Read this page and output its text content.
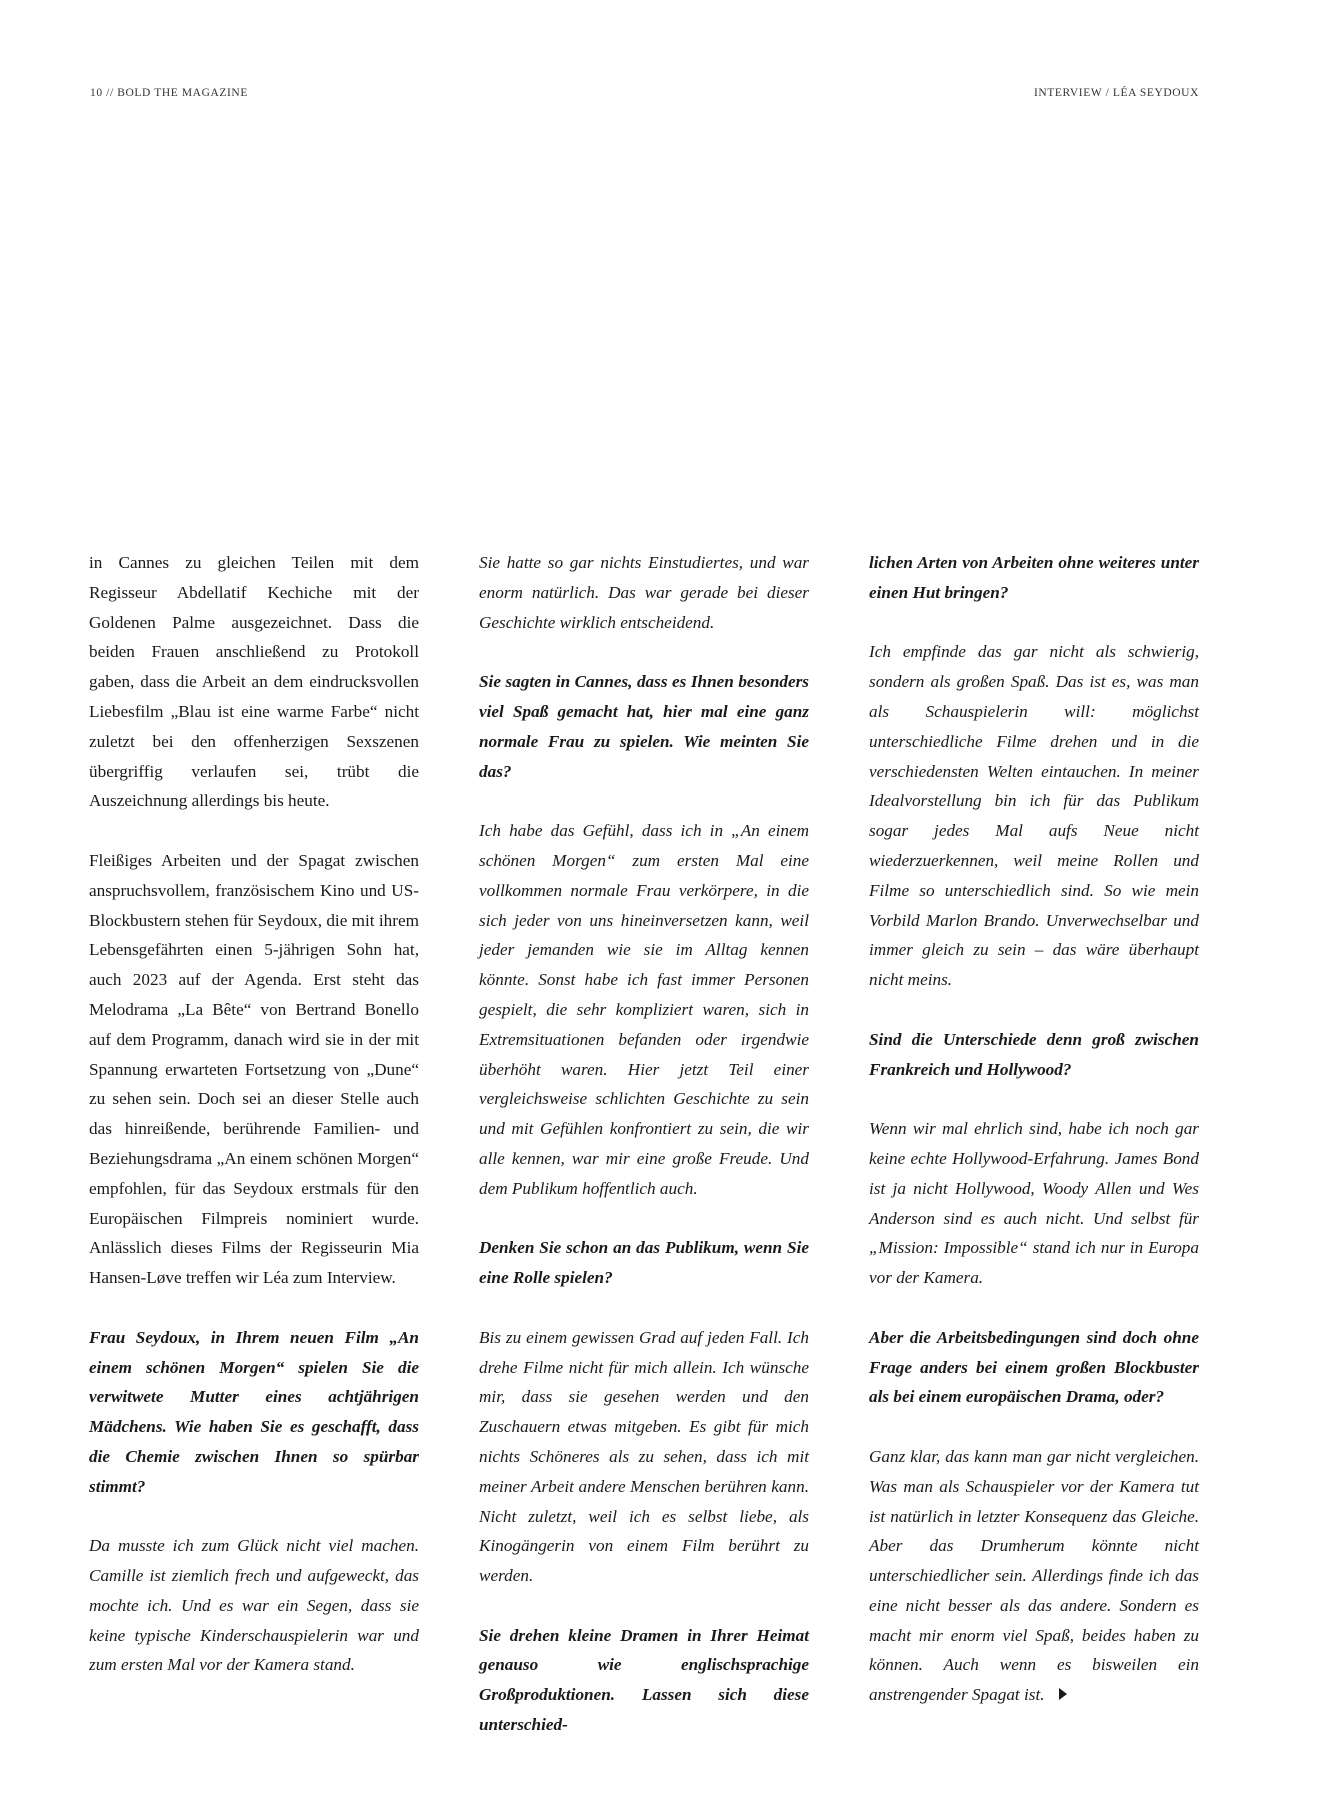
10 // BOLD THE MAGAZINE	INTERVIEW / LÉA SEYDOUX

in Cannes zu gleichen Teilen mit dem Regisseur Abdellatif Kechiche mit der Goldenen Palme ausgezeichnet. Dass die beiden Frauen anschließend zu Protokoll gaben, dass die Arbeit an dem eindrucksvollen Liebesfilm „Blau ist eine warme Farbe“ nicht zuletzt bei den offenherzigen Sexszenen übergriffig verlaufen sei, trübt die Auszeichnung allerdings bis heute.

Fleißiges Arbeiten und der Spagat zwischen anspruchsvollem, französischem Kino und US-Blockbustern stehen für Seydoux, die mit ihrem Lebensgefährten einen 5-jährigen Sohn hat, auch 2023 auf der Agenda. Erst steht das Melodrama „La Bête“ von Bertrand Bonello auf dem Programm, danach wird sie in der mit Spannung erwarteten Fortsetzung von „Dune“ zu sehen sein. Doch sei an dieser Stelle auch das hinreißende, berührende Familien- und Beziehungsdrama „An einem schönen Morgen“ empfohlen, für das Seydoux erstmals für den Europäischen Filmpreis nominiert wurde. Anlässlich dieses Films der Regisseurin Mia Hansen-Løve treffen wir Léa zum Interview.

Frau Seydoux, in Ihrem neuen Film „An einem schönen Morgen“ spielen Sie die verwitwete Mutter eines achtjährigen Mädchens. Wie haben Sie es geschafft, dass die Chemie zwischen Ihnen so spürbar stimmt?

Da musste ich zum Glück nicht viel machen. Camille ist ziemlich frech und aufgeweckt, das mochte ich. Und es war ein Segen, dass sie keine typische Kinderschauspielerin war und zum ersten Mal vor der Kamera stand.

Sie hatte so gar nichts Einstudiertes, und war enorm natürlich. Das war gerade bei dieser Geschichte wirklich entscheidend.

Sie sagten in Cannes, dass es Ihnen besonders viel Spaß gemacht hat, hier mal eine ganz normale Frau zu spielen. Wie meinten Sie das?

Ich habe das Gefühl, dass ich in „An einem schönen Morgen“ zum ersten Mal eine vollkommen normale Frau verkörpere, in die sich jeder von uns hineinversetzen kann, weil jeder jemanden wie sie im Alltag kennen könnte. Sonst habe ich fast immer Personen gespielt, die sehr kompliziert waren, sich in Extremsituationen befanden oder irgendwie überhöht waren. Hier jetzt Teil einer vergleichsweise schlichten Geschichte zu sein und mit Gefühlen konfrontiert zu sein, die wir alle kennen, war mir eine große Freude. Und dem Publikum hoffentlich auch.

Denken Sie schon an das Publikum, wenn Sie eine Rolle spielen?

Bis zu einem gewissen Grad auf jeden Fall. Ich drehe Filme nicht für mich allein. Ich wünsche mir, dass sie gesehen werden und den Zuschauern etwas mitgeben. Es gibt für mich nichts Schöneres als zu sehen, dass ich mit meiner Arbeit andere Menschen berühren kann. Nicht zuletzt, weil ich es selbst liebe, als Kinogängerin von einem Film berührt zu werden.

Sie drehen kleine Dramen in Ihrer Heimat genauso wie englischsprachige Großproduktionen. Lassen sich diese unterschied-

lichen Arten von Arbeiten ohne weiteres unter einen Hut bringen?

Ich empfinde das gar nicht als schwierig, sondern als großen Spaß. Das ist es, was man als Schauspielerin will: möglichst unterschiedliche Filme drehen und in die verschiedensten Welten eintauchen. In meiner Idealvorstellung bin ich für das Publikum sogar jedes Mal aufs Neue nicht wiederzuerkennen, weil meine Rollen und Filme so unterschiedlich sind. So wie mein Vorbild Marlon Brando. Unverwechselbar und immer gleich zu sein – das wäre überhaupt nicht meins.

Sind die Unterschiede denn groß zwischen Frankreich und Hollywood?

Wenn wir mal ehrlich sind, habe ich noch gar keine echte Hollywood-Erfahrung. James Bond ist ja nicht Hollywood, Woody Allen und Wes Anderson sind es auch nicht. Und selbst für „Mission: Impossible“ stand ich nur in Europa vor der Kamera.

Aber die Arbeitsbedingungen sind doch ohne Frage anders bei einem großen Blockbuster als bei einem europäischen Drama, oder?

Ganz klar, das kann man gar nicht vergleichen. Was man als Schauspieler vor der Kamera tut ist natürlich in letzter Konsequenz das Gleiche. Aber das Drumherum könnte nicht unterschiedlicher sein. Allerdings finde ich das eine nicht besser als das andere. Sondern es macht mir enorm viel Spaß, beides haben zu können. Auch wenn es bisweilen ein anstrengender Spagat ist.
